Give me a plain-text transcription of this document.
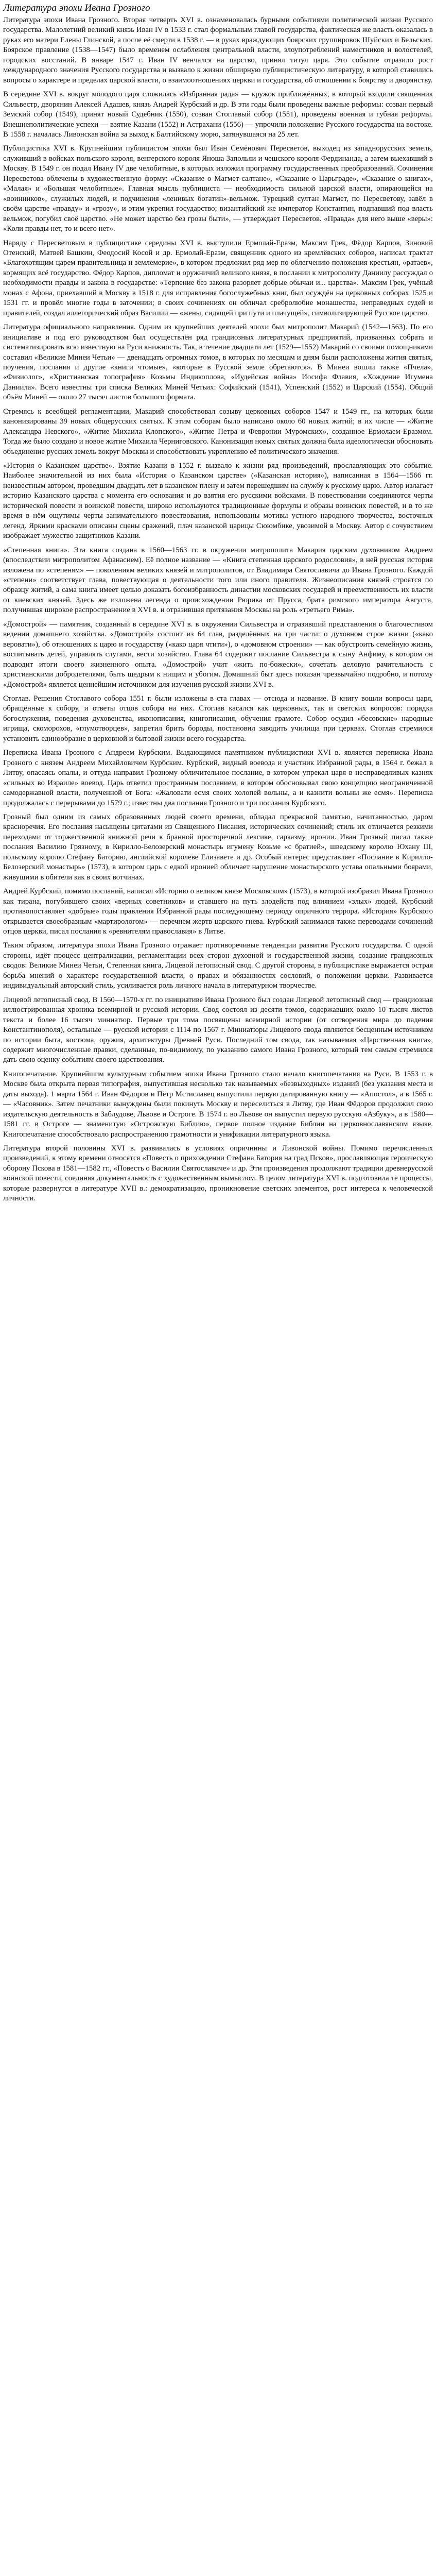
Литература эпохи Ивана Грозного

Литература эпохи Ивана Грозного. Вторая четверть XVI в. ознаменовалась бурными событиями политической жизни Русского государства. Малолетний великий князь Иван IV в 1533 г. стал формальным главой государства, фактическая же власть оказалась в руках его матери Елены Глинской, а после её смерти в 1538 г. — в руках враждующих боярских группировок Шуйских и Бельских. Боярское правление (1538—1547) было временем ослабления центральной власти, злоупотреблений наместников и волостелей, городских восстаний. В январе 1547 г. Иван IV венчался на царство, принял титул царя. Это событие отразило рост международного значения Русского государства и вызвало к жизни обширную публицистическую литературу, в которой ставились вопросы о характере и пределах царской власти, о взаимоотношениях церкви и государства, об отношении к боярству и дворянству.

В середине XVI в. вокруг молодого царя сложилась «Избранная рада» — кружок приближённых, в который входили священник Сильвестр, дворянин Алексей Адашев, князь Андрей Курбский и др. В эти годы были проведены важные реформы: созван первый Земский собор (1549), принят новый Судебник (1550), созван Стоглавый собор (1551), проведены военная и губная реформы. Внешнеполитические успехи — взятие Казани (1552) и Астрахани (1556) — упрочили положение Русского государства на востоке. В 1558 г. началась Ливонская война за выход к Балтийскому морю, затянувшаяся на 25 лет.

Публицистика XVI в. Крупнейшим публицистом эпохи был Иван Семёнович Пересветов, выходец из западнорусских земель, служивший в войсках польского короля, венгерского короля Яноша Запольяи и чешского короля Фердинанда, а затем выехавший в Москву. В 1549 г. он подал Ивану IV две челобитные, в которых изложил программу государственных преобразований. Сочинения Пересветова облечены в художественную форму: «Сказание о Магмет-салтане», «Сказание о Царьграде», «Сказание о книгах», «Малая» и «Большая челобитные». Главная мысль публициста — необходимость сильной царской власти, опирающейся на «воинников», служилых людей, и подчинения «ленивых богатин»-вельмож. Турецкий султан Магмет, по Пересветову, завёл в своём царстве «правду» и «грозу», и этим укрепил государство; византийский же император Константин, подпавший под власть вельмож, погубил своё царство. «Не может царство без грозы быти», — утверждает Пересветов. «Правда» для него выше «веры»: «Коли правды нет, то и всего нет».

Наряду с Пересветовым в публицистике середины XVI в. выступили Ермолай-Еразм, Максим Грек, Фёдор Карпов, Зиновий Отенский, Матвей Башкин, Феодосий Косой и др. Ермолай-Еразм, священник одного из кремлёвских соборов, написал трактат «Благохотящим царем правительница и землемерие», в котором предложил ряд мер по облегчению положения крестьян, «ратаев», кормящих всё государство. Фёдор Карпов, дипломат и оружничий великого князя, в послании к митрополиту Даниилу рассуждал о необходимости правды и закона в государстве: «Терпение без закона разоряет добрые обычаи и... царства». Максим Грек, учёный монах с Афона, приехавший в Москву в 1518 г. для исправления богослужебных книг, был осуждён на церковных соборах 1525 и 1531 гг. и провёл многие годы в заточении; в своих сочинениях он обличал сребролюбие монашества, неправедных судей и правителей, создал аллегорический образ Василии — «жены, сидящей при пути и плачущей», символизирующей Русское царство.

Литература официального направления. Одним из крупнейших деятелей эпохи был митрополит Макарий (1542—1563). По его инициативе и под его руководством был осуществлён ряд грандиозных литературных предприятий, призванных собрать и систематизировать всю известную на Руси книжность. Так, в течение двадцати лет (1529—1552) Макарий со своими помощниками составил «Великие Минеи Четьи» — двенадцать огромных томов, в которых по месяцам и дням были расположены жития святых, поучения, послания и другие «книги чтомые», «которые в Русской земле обретаются». В Минеи вошли также «Пчела», «Физиолог», «Христианская топография» Козьмы Индикоплова, «Иудейская война» Иосифа Флавия, «Хождение Игумена Даниила». Всего известны три списка Великих Миней Четьих: Софийский (1541), Успенский (1552) и Царский (1554). Общий объём Миней — около 27 тысяч листов большого формата.

Стремясь к всеобщей регламентации, Макарий способствовал созыву церковных соборов 1547 и 1549 гг., на которых были канонизированы 39 новых общерусских святых. К этим соборам было написано около 60 новых житий; в их числе — «Житие Александра Невского», «Житие Михаила Клопского», «Житие Петра и Февронии Муромских», созданное Ермолаем-Еразмом. Тогда же было создано и новое житие Михаила Черниговского. Канонизация новых святых должна была идеологически обосновать объединение русских земель вокруг Москвы и способствовать укреплению её политического значения.

«История о Казанском царстве». Взятие Казани в 1552 г. вызвало к жизни ряд произведений, прославляющих это событие. Наиболее значительной из них была «История о Казанском царстве» («Казанская история»), написанная в 1564—1566 гг. неизвестным автором, проведшим двадцать лет в казанском плену и затем перешедшим на службу к русскому царю. Автор излагает историю Казанского царства с момента его основания и до взятия его русскими войсками. В повествовании соединяются черты исторической повести и воинской повести, широко используются традиционные формулы и образы воинских повестей, и в то же время в нём ощутимы черты занимательного повествования, использованы мотивы устного народного творчества, восточных легенд. Яркими красками описаны сцены сражений, плач казанской царицы Сююмбике, увозимой в Москву. Автор с сочувствием изображает мужество защитников Казани.

«Степенная книга». Эта книга создана в 1560—1563 гг. в окружении митрополита Макария царским духовником Андреем (впоследствии митрополитом Афанасием). Её полное название — «Книга степенная царского родословия», в ней русская история изложена по «степеням» — поколениям великих князей и митрополитов, от Владимира Святославича до Ивана Грозного. Каждой «степени» соответствует глава, повествующая о деятельности того или иного правителя. Жизнеописания князей строятся по образцу житий, а сама книга имеет целью доказать богоизбранность династии московских государей и преемственность их власти от киевских князей. Здесь же изложена легенда о происхождении Рюрика от Прусса, брата римского императора Августа, получившая широкое распространение в XVI в. и отразившая притязания Москвы на роль «третьего Рима».

«Домострой» — памятник, созданный в середине XVI в. в окружении Сильвестра и отразивший представления о благочестивом ведении домашнего хозяйства. «Домострой» состоит из 64 глав, разделённых на три части: о духовном строе жизни («како веровати»), об отношениях к царю и государству («како царя чтити»), о «домовном строении» — как обустроить семейную жизнь, воспитывать детей, управлять слугами, вести хозяйство. Глава 64 содержит послание Сильвестра к сыну Анфиму, в котором он подводит итоги своего жизненного опыта. «Домострой» учит «жить по-божески», сочетать деловую рачительность с христианскими добродетелями, быть щедрым к нищим и убогим. Домашний быт здесь показан чрезвычайно подробно, и потому «Домострой» является ценнейшим источником для изучения русской жизни XVI в.

Стоглав. Решения Стоглавого собора 1551 г. были изложены в ста главах — отсюда и название. В книгу вошли вопросы царя, обращённые к собору, и ответы отцов собора на них. Стоглав касался как церковных, так и светских вопросов: порядка богослужения, поведения духовенства, иконописания, книгописания, обучения грамоте. Собор осудил «бесовские» народные игрища, скоморохов, «глумотворцев», запретил брить бороды, постановил заводить училища при церквах. Стоглав стремился установить единообразие в церковной и бытовой жизни всего государства.

Переписка Ивана Грозного с Андреем Курбским. Выдающимся памятником публицистики XVI в. является переписка Ивана Грозного с князем Андреем Михайловичем Курбским. Курбский, видный воевода и участник Избранной рады, в 1564 г. бежал в Литву, опасаясь опалы, и оттуда направил Грозному обличительное послание, в котором упрекал царя в несправедливых казнях «сильных во Израиле» воевод. Царь ответил пространным посланием, в котором обосновывал свою концепцию неограниченной самодержавной власти, полученной от Бога: «Жаловати есмя своих холопей вольны, а и казнити вольны же есмя». Переписка продолжалась с перерывами до 1579 г.; известны два послания Грозного и три послания Курбского.

Грозный был одним из самых образованных людей своего времени, обладал прекрасной памятью, начитанностью, даром красноречия. Его послания насыщены цитатами из Священного Писания, исторических сочинений; стиль их отличается резкими переходами от торжественной книжной речи к бранной просторечной лексике, сарказму, иронии. Иван Грозный писал также послания Василию Грязному, в Кирилло-Белозерский монастырь игумену Козьме «с братией», шведскому королю Юхану III, польскому королю Стефану Баторию, английской королеве Елизавете и др. Особый интерес представляет «Послание в Кирилло-Белозерский монастырь» (1573), в котором царь с едкой иронией обличает нарушение монастырского устава опальными боярами, живущими в обители как в своих вотчинах.

Андрей Курбский, помимо посланий, написал «Историю о великом князе Московском» (1573), в которой изобразил Ивана Грозного как тирана, погубившего своих «верных советников» и ставшего на путь злодейств под влиянием «злых» людей. Курбский противопоставляет «добрые» годы правления Избранной рады последующему периоду опричного террора. «История» Курбского открывается своеобразным «мартирологом» — перечнем жертв царского гнева. Курбский занимался также переводами сочинений отцов церкви, писал послания к «ревнителям православия» в Литве.

Таким образом, литература эпохи Ивана Грозного отражает противоречивые тенденции развития Русского государства. С одной стороны, идёт процесс централизации, регламентации всех сторон духовной и государственной жизни, создание грандиозных сводов: Великие Минеи Четьи, Степенная книга, Лицевой летописный свод. С другой стороны, в публицистике выражается острая борьба мнений о характере государственной власти, о правах и обязанностях сословий, о положении церкви. Развивается индивидуальный авторский стиль, усиливается роль личного начала в литературном творчестве.

Лицевой летописный свод. В 1560—1570-х гг. по инициативе Ивана Грозного был создан Лицевой летописный свод — грандиозная иллюстрированная хроника всемирной и русской истории. Свод состоял из десяти томов, содержавших около 10 тысяч листов текста и более 16 тысяч миниатюр. Первые три тома посвящены всемирной истории (от сотворения мира до падения Константинополя), остальные — русской истории с 1114 по 1567 г. Миниатюры Лицевого свода являются бесценным источником по истории быта, костюма, оружия, архитектуры Древней Руси. Последний том свода, так называемая «Царственная книга», содержит многочисленные правки, сделанные, по-видимому, по указанию самого Ивана Грозного, который тем самым стремился дать свою оценку событиям своего царствования.

Книгопечатание. Крупнейшим культурным событием эпохи Ивана Грозного стало начало книгопечатания на Руси. В 1553 г. в Москве была открыта первая типография, выпустившая несколько так называемых «безвыходных» изданий (без указания места и даты выхода). 1 марта 1564 г. Иван Фёдоров и Пётр Мстиславец выпустили первую датированную книгу — «Апостол», а в 1565 г. — «Часовник». Затем печатники вынуждены были покинуть Москву и переселиться в Литву, где Иван Фёдоров продолжил свою издательскую деятельность в Заблудове, Львове и Остроге. В 1574 г. во Львове он выпустил первую русскую «Азбуку», а в 1580—1581 гг. в Остроге — знаменитую «Острожскую Библию», первое полное издание Библии на церковнославянском языке. Книгопечатание способствовало распространению грамотности и унификации литературного языка.

Литература второй половины XVI в. развивалась в условиях опричнины и Ливонской войны. Помимо перечисленных произведений, к этому времени относятся «Повесть о прихождении Стефана Батория на град Псков», прославляющая героическую оборону Пскова в 1581—1582 гг., «Повесть о Василии Святославиче» и др. Эти произведения продолжают традиции древнерусской воинской повести, соединяя документальность с художественным вымыслом. В целом литература XVI в. подготовила те процессы, которые развернутся в литературе XVII в.: демократизацию, проникновение светских элементов, рост интереса к человеческой личности.
